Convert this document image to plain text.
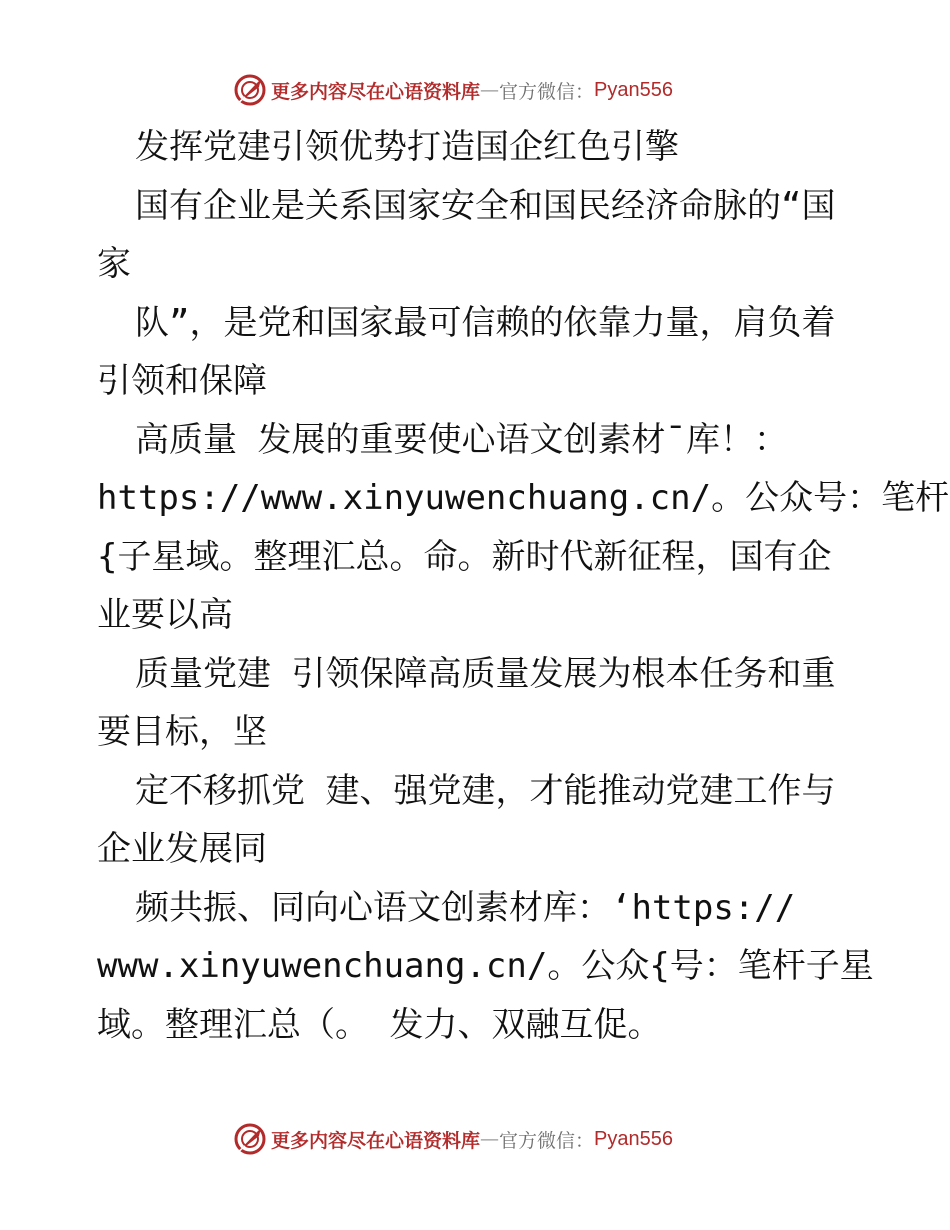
更多内容尽在心语资料库 — 官方微信： Pyan556
发挥党建引领优势打造国企红色引擎
国有企业是关系国家安全和国民经济命脉的“国
家
队”，是党和国家最可信赖的依靠力量，肩负着
引领和保障
高质量 发展的重要使心语文创素材¯库！：
https://www.xinyuwenchuang.cn/。公众号：笔杆
{子星域。整理汇总。命。新时代新征程，国有企
业要以高
质量党建 引领保障高质量发展为根本任务和重
要目标，坚
定不移抓党 建、强党建，才能推动党建工作与
企业发展同
频共振、同向心语文创素材库：‘https://
www.xinyuwenchuang.cn/。公众{号：笔杆子星
域。整理汇总（。 发力、双融互促。
更多内容尽在心语资料库 — 官方微信： Pyan556
